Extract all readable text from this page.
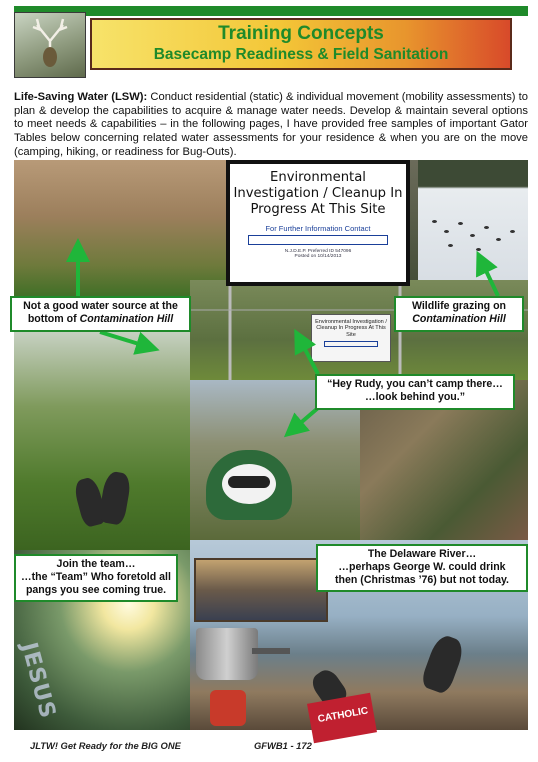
Training Concepts
Basecamp Readiness & Field Sanitation

Life-Saving Water (LSW): Conduct residential (static) & individual movement (mobility assessments) to plan & develop the capabilities to acquire & manage water needs. Develop & maintain several options to meet needs & capabilities – in the following pages, I have provided free samples of important Gator Tables below concerning related water assessments for your residence & when you are on the move (camping, hiking, or readiness for Bug-Outs).

CATHOLIC
JESUS
Environmental Investigation / Cleanup In Progress At This Site
For Further Information Contact
N.J.D.E.P. Preferred ID 547096
Posted on 10/14/2013
Environmental Investigation / Cleanup In Progress At This Site
Not a good water source at the
bottom of Contamination Hill
Wildlife grazing on
Contamination Hill
“Hey Rudy, you can’t camp there…
…look behind you.”
Join the team…
…the “Team” Who foretold all
pangs you see coming true.
The Delaware River…
…perhaps George W. could drink
then (Christmas ’76) but not today.
JLTW! Get Ready for the BIG ONE	GFWB1 - 172
